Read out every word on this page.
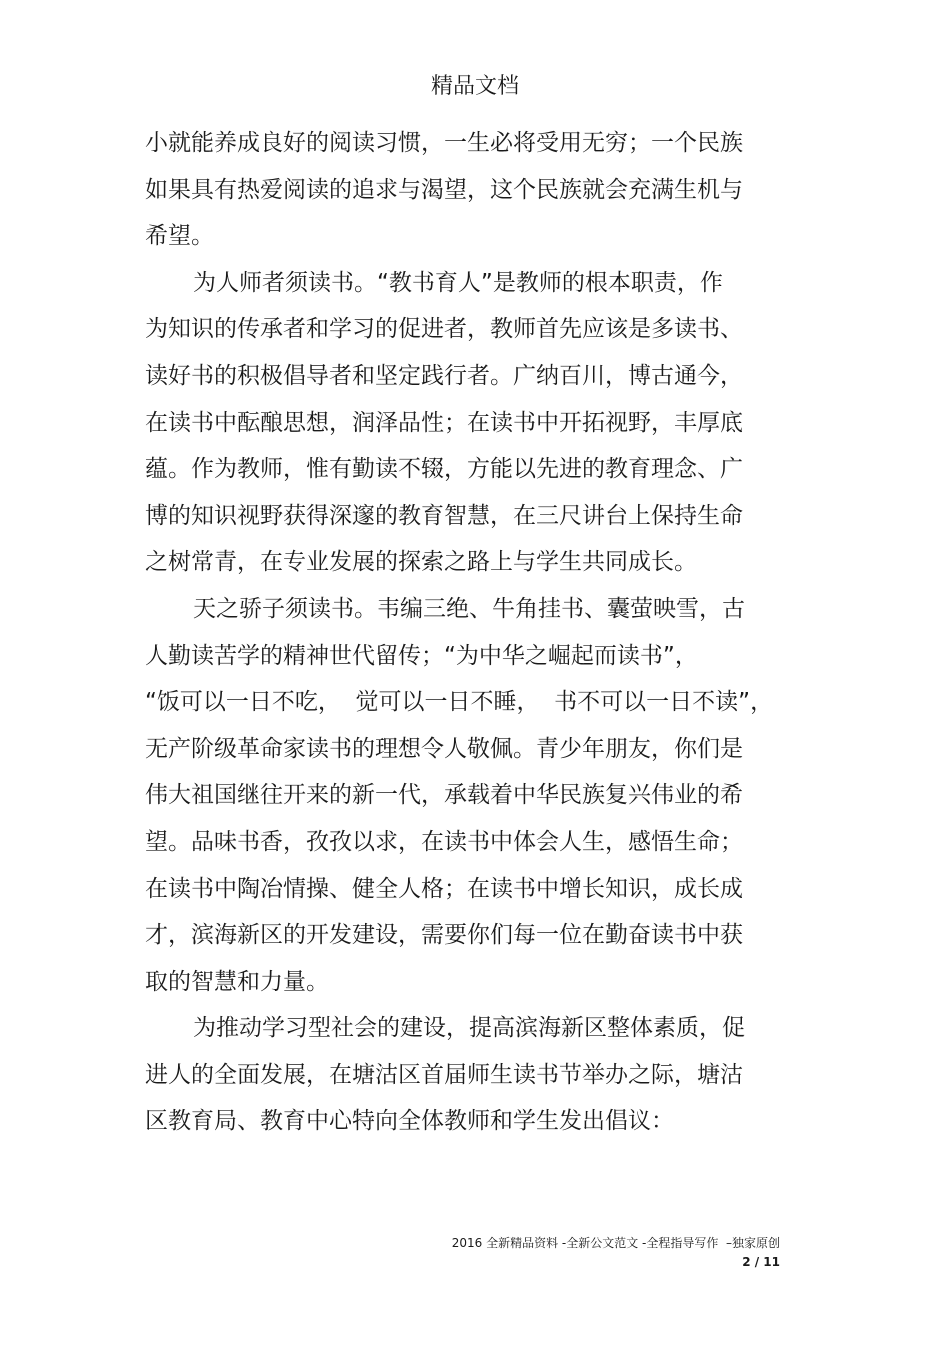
精品文档
小就能养成良好的阅读习惯，一生必将受用无穷；一个民族
如果具有热爱阅读的追求与渴望，这个民族就会充满生机与
希望。
为人师者须读书。“教书育人”是教师的根本职责，作
为知识的传承者和学习的促进者，教师首先应该是多读书、
读好书的积极倡导者和坚定践行者。广纳百川，博古通今，
在读书中酝酿思想，润泽品性；在读书中开拓视野，丰厚底
蕴。作为教师，惟有勤读不辍，方能以先进的教育理念、广
博的知识视野获得深邃的教育智慧，在三尺讲台上保持生命
之树常青，在专业发展的探索之路上与学生共同成长。
天之骄子须读书。韦编三绝、牛角挂书、囊萤映雪，古
人勤读苦学的精神世代留传；“为中华之崛起而读书”，
“饭可以一日不吃，  觉可以一日不睡，  书不可以一日不读”，
无产阶级革命家读书的理想令人敬佩。青少年朋友，你们是
伟大祖国继往开来的新一代，承载着中华民族复兴伟业的希
望。品味书香，孜孜以求，在读书中体会人生，感悟生命；
在读书中陶冶情操、健全人格；在读书中增长知识，成长成
才，滨海新区的开发建设，需要你们每一位在勤奋读书中获
取的智慧和力量。
为推动学习型社会的建设，提高滨海新区整体素质，促
进人的全面发展，在塘沽区首届师生读书节举办之际，塘沽
区教育局、教育中心特向全体教师和学生发出倡议：
2016 全新精品资料 -全新公文范文 -全程指导写作  –独家原创
2 / 11
